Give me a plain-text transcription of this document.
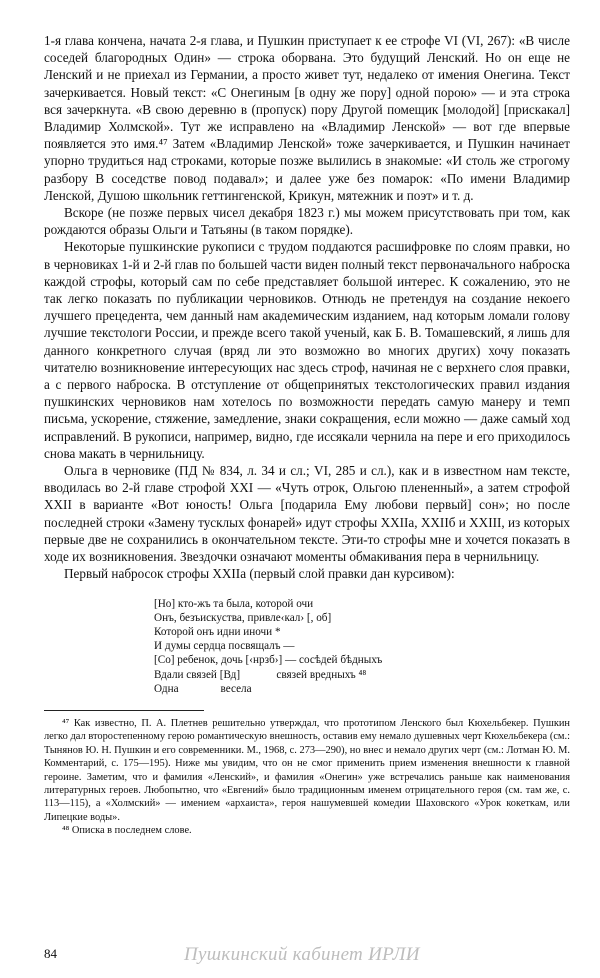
1-я глава кончена, начата 2-я глава, и Пушкин приступает к ее строфе VI (VI, 267): «В числе соседей благородных Один» — строка оборвана. Это будущий Ленский. Но он еще не Ленский и не приехал из Германии, а просто живет тут, недалеко от имения Онегина. Текст зачеркивается. Новый текст: «С Онегиным [в одну же пору] одной порою» — и эта строка вся зачеркнута. «В свою деревню в (пропуск) пору Другой помещик [молодой] [прискакал] Владимир Холмской». Тут же исправлено на «Владимир Ленской» — вот где впервые появляется это имя.⁴⁷ Затем «Владимир Ленской» тоже зачеркивается, и Пушкин начинает упорно трудиться над строками, которые позже вылились в знакомые: «И столь же строгому разбору В соседстве повод подавал»; и далее уже без помарок: «По имени Владимир Ленской, Душою школьник геттингенской, Крикун, мятежник и поэт» и т. д.

Вскоре (не позже первых чисел декабря 1823 г.) мы можем присутствовать при том, как рождаются образы Ольги и Татьяны (в таком порядке).

Некоторые пушкинские рукописи с трудом поддаются расшифровке по слоям правки, но в черновиках 1-й и 2-й глав по большей части виден полный текст первоначального наброска каждой строфы, который сам по себе представляет большой интерес. К сожалению, это не так легко показать по публикации черновиков. Отнюдь не претендуя на создание некоего лучшего прецедента, чем данный нам академическим изданием, над которым ломали голову лучшие текстологи России, и прежде всего такой ученый, как Б. В. Томашевский, я лишь для данного конкретного случая (вряд ли это возможно во многих других) хочу показать читателю возникновение интересующих нас здесь строф, начиная не с верхнего слоя правки, а с первого наброска. В отступление от общепринятых текстологических правил издания пушкинских черновиков нам хотелось по возможности передать самую манеру и темп письма, ускорение, стяжение, замедление, знаки сокращения, если можно — даже самый ход исправлений. В рукописи, например, видно, где иссякали чернила на пере и его приходилось снова макать в чернильницу.

Ольга в черновике (ПД № 834, л. 34 и сл.; VI, 285 и сл.), как и в известном нам тексте, вводилась во 2-й главе строфой XXI — «Чуть отрок, Ольгою плененный», а затем строфой XXII в варианте «Вот юность! Ольга [подарила Ему любови первый] сон»; но после последней строки «Замену тусклых фонарей» идут строфы XXIIа, XXIIб и XXIII, из которых первые две не сохранились в окончательном тексте. Эти-то строфы мне и хочется показать в ходе их возникновения. Звездочки означают моменты обмакивания пера в чернильницу.

Первый набросок строфы XXIIа (первый слой правки дан курсивом):

[Но] кто-жъ та была, которой очи
Онъ, безъискуства, привле‹кал› [, об]
Которой онъ идни иночи *
И думы сердца посвящалъ —
[Со] ребенок, дочь [‹нрзб›] — сосѣдей бѣдныхъ
Вдали связей [Вд]             связей вредныхъ ⁴⁸
Одна               весела

⁴⁷ Как известно, П. А. Плетнев решительно утверждал, что прототипом Ленского был Кюхельбекер. Пушкин легко дал второстепенному герою романтическую внешность, оставив ему немало душевных черт Кюхельбекера (см.: Тынянов Ю. Н. Пушкин и его современники. М., 1968, с. 273—290), но внес и немало других черт (см.: Лотман Ю. М. Комментарий, с. 175—195). Ниже мы увидим, что он не смог применить прием изменения внешности к главной героине. Заметим, что и фамилия «Ленский», и фамилия «Онегин» уже встречались раньше как наименования литературных героев. Любопытно, что «Евгений» было традиционным именем отрицательного героя (см. там же, с. 113—115), а «Холмский» — имением «архаиста», героя нашумевшей комедии Шаховского «Урок кокеткам, или Липецкие воды».

⁴⁸ Описка в последнем слове.

84	Пушкинский кабинет ИРЛИ
